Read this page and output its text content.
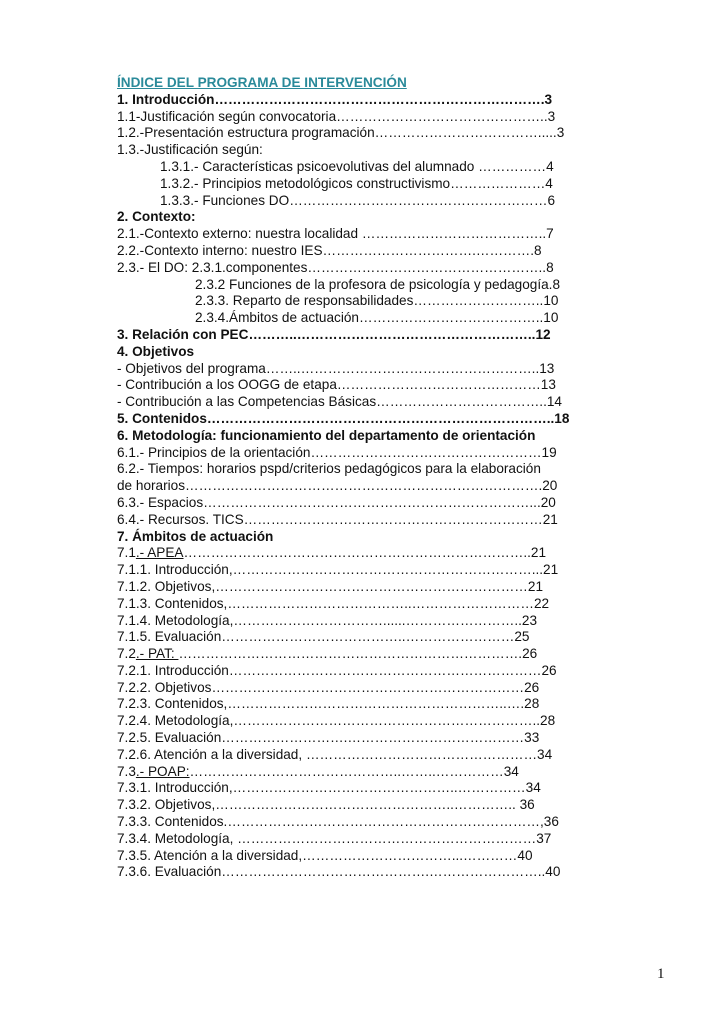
ÍNDICE DEL PROGRAMA DE INTERVENCIÓN
1. Introducción……………………………………………………………….3
1.1-Justificación según convocatoria………………………………………..3
1.2.-Presentación estructura programación……………………………….....3
1.3.-Justificación según:
1.3.1.- Características psicoevolutivas del alumnado ……………4
1.3.2.- Principios metodológicos constructivismo…………………4
1.3.3.- Funciones DO…………………………………………………6
2. Contexto:
2.1.-Contexto externo: nuestra localidad …………………………………..7
2.2.-Contexto interno: nuestro IES…………………………….………….8
2.3.- El DO: 2.3.1.componentes……………………………………………..8
2.3.2 Funciones de la profesora de psicología y pedagogía.8
2.3.3. Reparto de responsabilidades………………………..10
2.3.4.Ámbitos de actuación…………………………………..10
3. Relación con PEC………..……………………………………………..12
4. Objetivos
- Objetivos del programa……..……………………………………………..13
- Contribución a los OOGG de etapa………………………………………13
- Contribución a las Competencias Básicas………………………………..14
5. Contenidos…………………………………………………………………..18
6. Metodología: funcionamiento del departamento de orientación
6.1.- Principios de la orientación……………………………………………19
6.2.- Tiempos: horarios pspd/criterios pedagógicos para la elaboración
de horarios…………………………………………………………………….20
6.3.- Espacios………………………………………………………………...20
6.4.- Recursos. TICS…………………………………………………………21
7. Ámbitos de actuación
7.1.- APEA…………………………………………………………………..21
7.1.1. Introducción,…………………………………………………………...21
7.1.2. Objetivos,……………………………………………………………21
7.1.3. Contenidos,…………………………………..………………………22
7.1.4. Metodología,……………………………......……………………..23
7.1.5. Evaluación…………………………………..……………………25
7.2.- PAT: ………………………………………………………………….26
7.2.1. Introducción……………………………………………………………26
7.2.2. Objetivos……………………………………………………………26
7.2.3. Contenidos,……………………………………………………..….28
7.2.4. Metodología,…………………………………………………………..28
7.2.5. Evaluación……………………….…………………………………33
7.2.6. Atención a la diversidad, ……………………………………………34
7.3.- POAP:………………………………………..……..……………34
7.3.1. Introducción,…………………………………………..……………34
7.3.2. Objetivos,……………………………………………..………….. 36
7.3.3. Contenidos.……………………………………………………………,36
7.3.4. Metodología, …………………………………………………………37
7.3.5. Atención a la diversidad,……………………………...…………40
7.3.6. Evaluación……………………………………….……………………..40
1
